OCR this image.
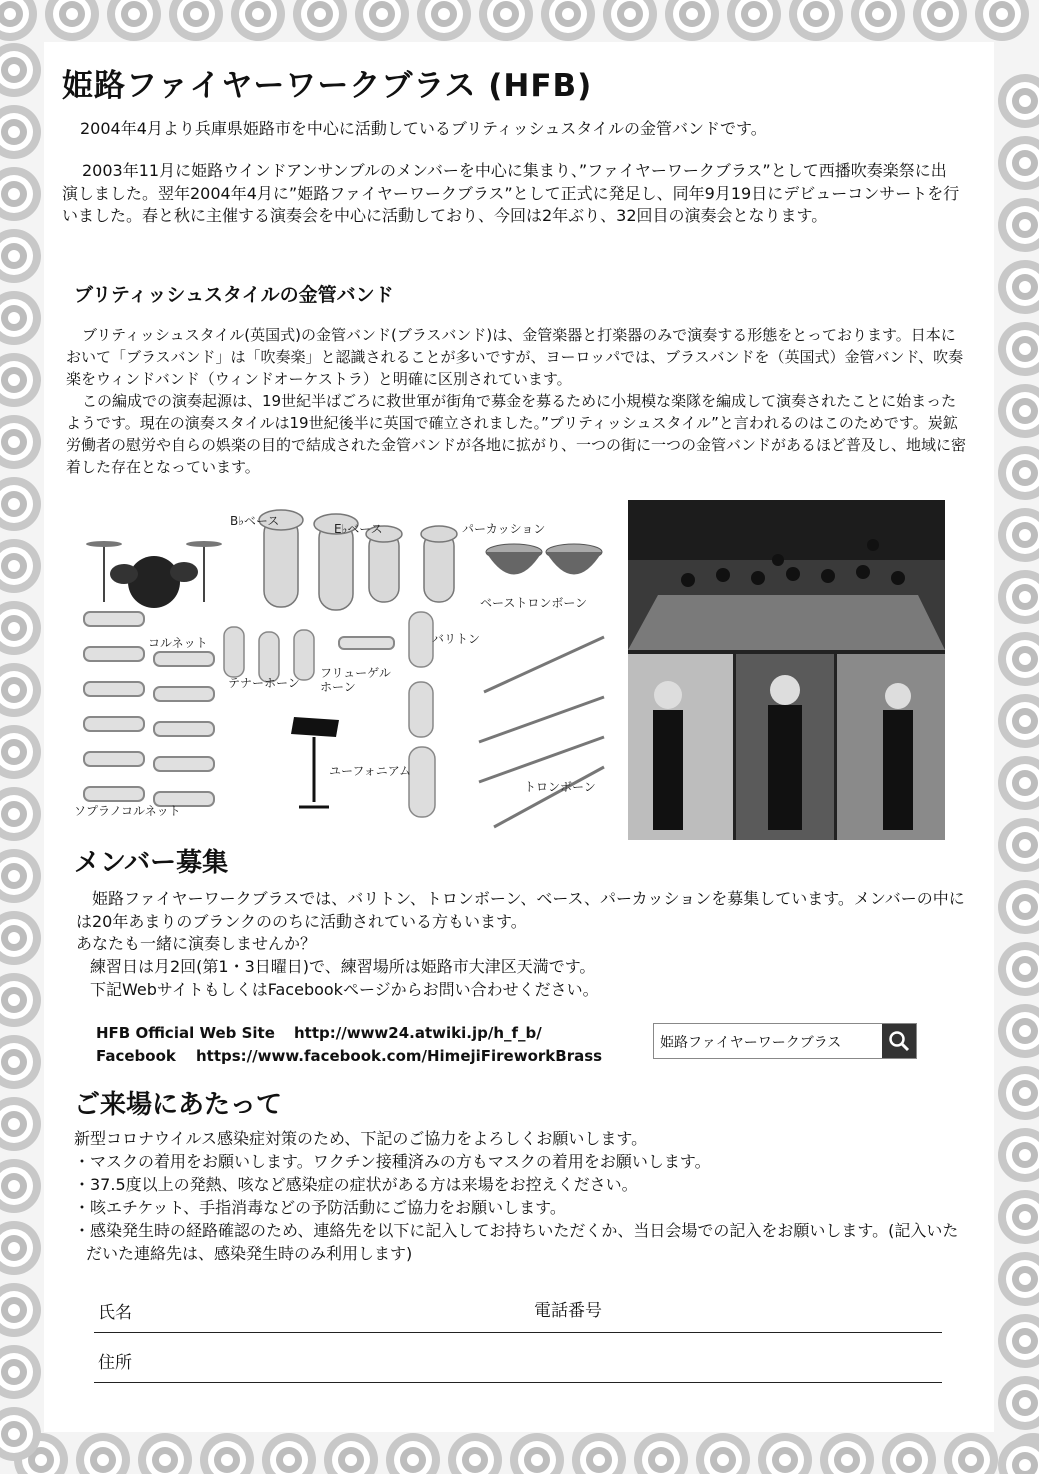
姫路ファイヤーワークブラス (HFB)
2004年4月より兵庫県姫路市を中心に活動しているブリティッシュスタイルの金管バンドです。
2003年11月に姫路ウインドアンサンブルのメンバーを中心に集まり、”ファイヤーワークブラス”として西播吹奏楽祭に出演しました。翌年2004年4月に”姫路ファイヤーワークブラス”として正式に発足し、同年9月19日にデビューコンサートを行いました。春と秋に主催する演奏会を中心に活動しており、今回は2年ぶり、32回目の演奏会となります。
ブリティッシュスタイルの金管バンド
ブリティッシュスタイル(英国式)の金管バンド(ブラスバンド)は、金管楽器と打楽器のみで演奏する形態をとっております。日本において「ブラスバンド」は「吹奏楽」と認識されることが多いですが、ヨーロッパでは、ブラスバンドを（英国式）金管バンド、吹奏楽をウィンドバンド（ウィンドオーケストラ）と明確に区別されています。
この編成での演奏起源は、19世紀半ばごろに救世軍が街角で募金を募るために小規模な楽隊を編成して演奏されたことに始まったようです。現在の演奏スタイルは19世紀後半に英国で確立されました。”ブリティッシュスタイル”と言われるのはこのためです。炭鉱労働者の慰労や自らの娯楽の目的で結成された金管バンドが各地に拡がり、一つの街に一つの金管バンドがあるほど普及し、地域に密着した存在となっています。
B♭ベース
E♭ベース	パーカッション
ベーストロンボーン
コルネット	バリトン
フリューゲル
ホーン
テナーホーン
ユーフォニアム
トロンボーン
ソプラノコルネット
メンバー募集
姫路ファイヤーワークブラスでは、バリトン、トロンボーン、ベース、パーカッションを募集しています。メンバーの中には20年あまりのブランクののちに活動されている方もいます。
あなたも一緒に演奏しませんか？
練習日は月2回(第1・3日曜日)で、練習場所は姫路市大津区天満です。
下記WebサイトもしくはFacebookページからお問い合わせください。
HFB Official Web Site http://www24.atwiki.jp/h_f_b/
Facebook https://www.facebook.com/HimejiFireworkBrass
姫路ファイヤーワークブラス
ご来場にあたって
新型コロナウイルス感染症対策のため、下記のご協力をよろしくお願いします。
・マスクの着用をお願いします。ワクチン接種済みの方もマスクの着用をお願いします。
・37.5度以上の発熱、咳など感染症の症状がある方は来場をお控えください。
・咳エチケット、手指消毒などの予防活動にご協力をお願いします。
・感染発生時の経路確認のため、連絡先を以下に記入してお持ちいただくか、当日会場での記入をお願いします。(記入いただいた連絡先は、感染発生時のみ利用します)
氏名	電話番号
住所
